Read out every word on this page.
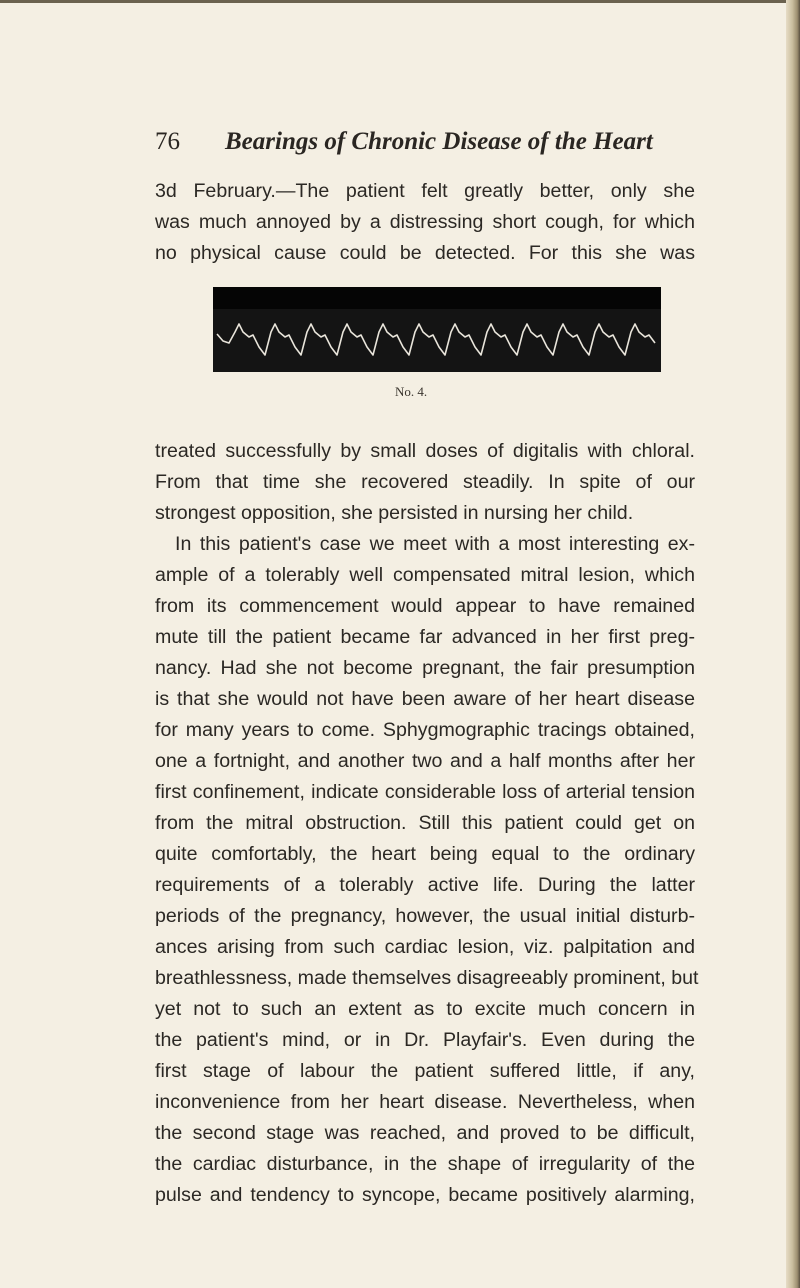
76 Bearings of Chronic Disease of the Heart
3d February.—The patient felt greatly better, only she
was much annoyed by a distressing short cough, for which
no physical cause could be detected. For this she was
No. 4.
treated successfully by small doses of digitalis with chloral.
From that time she recovered steadily. In spite of our
strongest opposition, she persisted in nursing her child.
In this patient's case we meet with a most interesting ex-
ample of a tolerably well compensated mitral lesion, which
from its commencement would appear to have remained
mute till the patient became far advanced in her first preg-
nancy. Had she not become pregnant, the fair presumption
is that she would not have been aware of her heart disease
for many years to come. Sphygmographic tracings obtained,
one a fortnight, and another two and a half months after her
first confinement, indicate considerable loss of arterial tension
from the mitral obstruction. Still this patient could get on
quite comfortably, the heart being equal to the ordinary
requirements of a tolerably active life. During the latter
periods of the pregnancy, however, the usual initial disturb-
ances arising from such cardiac lesion, viz. palpitation and
breathlessness, made themselves disagreeably prominent, but
yet not to such an extent as to excite much concern in
the patient's mind, or in Dr. Playfair's. Even during the
first stage of labour the patient suffered little, if any,
inconvenience from her heart disease. Nevertheless, when
the second stage was reached, and proved to be difficult,
the cardiac disturbance, in the shape of irregularity of the
pulse and tendency to syncope, became positively alarming,
